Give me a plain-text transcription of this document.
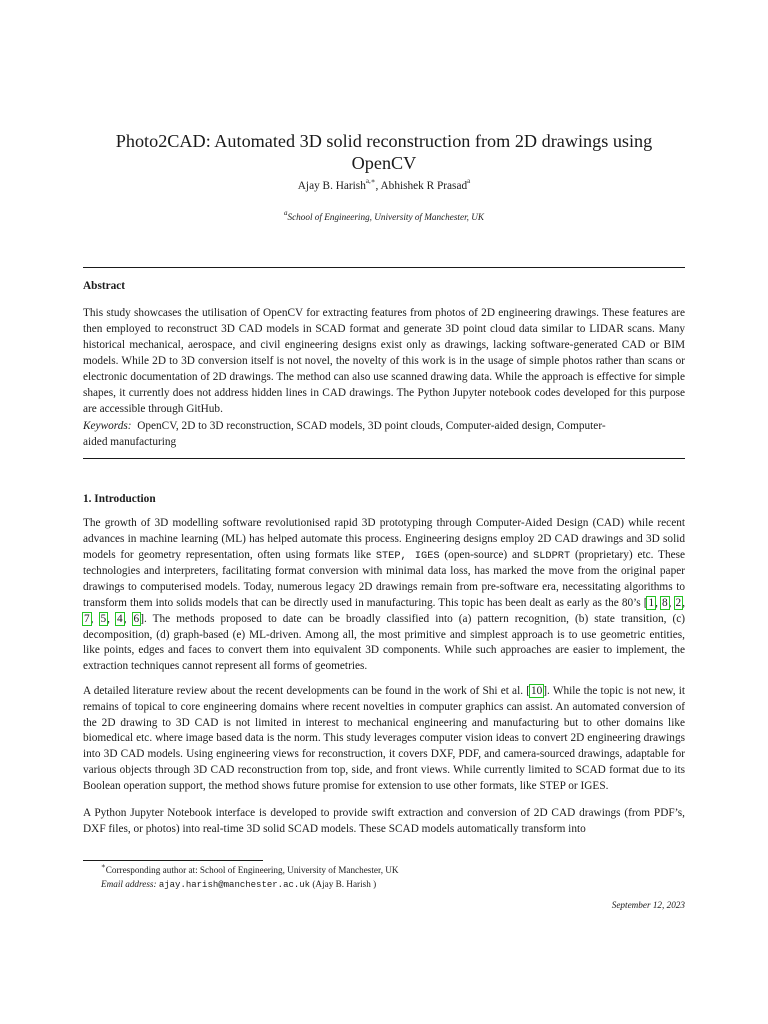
Photo2CAD: Automated 3D solid reconstruction from 2D drawings using OpenCV
Ajay B. Harish$^{a,∗}$, Abhishek R Prasad$^a$
$^a$School of Engineering, University of Manchester, UK
Abstract
This study showcases the utilisation of OpenCV for extracting features from photos of 2D engineering drawings. These features are then employed to reconstruct 3D CAD models in SCAD format and generate 3D point cloud data similar to LIDAR scans. Many historical mechanical, aerospace, and civil engineering designs exist only as drawings, lacking software-generated CAD or BIM models. While 2D to 3D conversion itself is not novel, the novelty of this work is in the usage of simple photos rather than scans or electronic documentation of 2D drawings. The method can also use scanned drawing data. While the approach is effective for simple shapes, it currently does not address hidden lines in CAD drawings. The Python Jupyter notebook codes developed for this purpose are accessible through GitHub.
Keywords: OpenCV, 2D to 3D reconstruction, SCAD models, 3D point clouds, Computer-aided design, Computer-aided manufacturing
1. Introduction

The growth of 3D modelling software revolutionised rapid 3D prototyping through Computer-Aided Design (CAD) while recent advances in machine learning (ML) has helped automate this process. Engineering designs employ 2D CAD drawings and 3D solid models for geometry representation, often using formats like STEP, IGES (open-source) and SLDPRT (proprietary) etc. These technologies and interpreters, facilitating format conversion with minimal data loss, has marked the move from the original paper drawings to computerised models. Today, numerous legacy 2D drawings remain from pre-software era, necessitating algorithms to transform them into solids models that can be directly used in manufacturing. This topic has been dealt as early as the 80’s [1, 8, 2, 7, 5, 4, 6]. The methods proposed to date can be broadly classified into (a) pattern recognition, (b) state transition, (c) decomposition, (d) graph-based (e) ML-driven. Among all, the most primitive and simplest approach is to use geometric entities, like points, edges and faces to convert them into equivalent 3D components. While such approaches are easier to implement, the extraction techniques cannot represent all forms of geometries.

A detailed literature review about the recent developments can be found in the work of Shi et al. [10]. While the topic is not new, it remains of topical to core engineering domains where recent novelties in computer graphics can assist. An automated conversion of the 2D drawing to 3D CAD is not limited in interest to mechanical engineering and manufacturing but to other domains like biomedical etc. where image based data is the norm. This study leverages computer vision ideas to convert 2D engineering drawings into 3D CAD models. Using engineering views for reconstruction, it covers DXF, PDF, and camera-sourced drawings, adaptable for various objects through 3D CAD reconstruction from top, side, and front views. While currently limited to SCAD format due to its Boolean operation support, the method shows future promise for extension to use other formats, like STEP or IGES.

A Python Jupyter Notebook interface is developed to provide swift extraction and conversion of 2D CAD drawings (from PDF’s, DXF files, or photos) into real-time 3D solid SCAD models. These SCAD models automatically transform into

∗Corresponding author at: School of Engineering, University of Manchester, UK
Email address: ajay.harish@manchester.ac.uk (Ajay B. Harish )
September 12, 2023
